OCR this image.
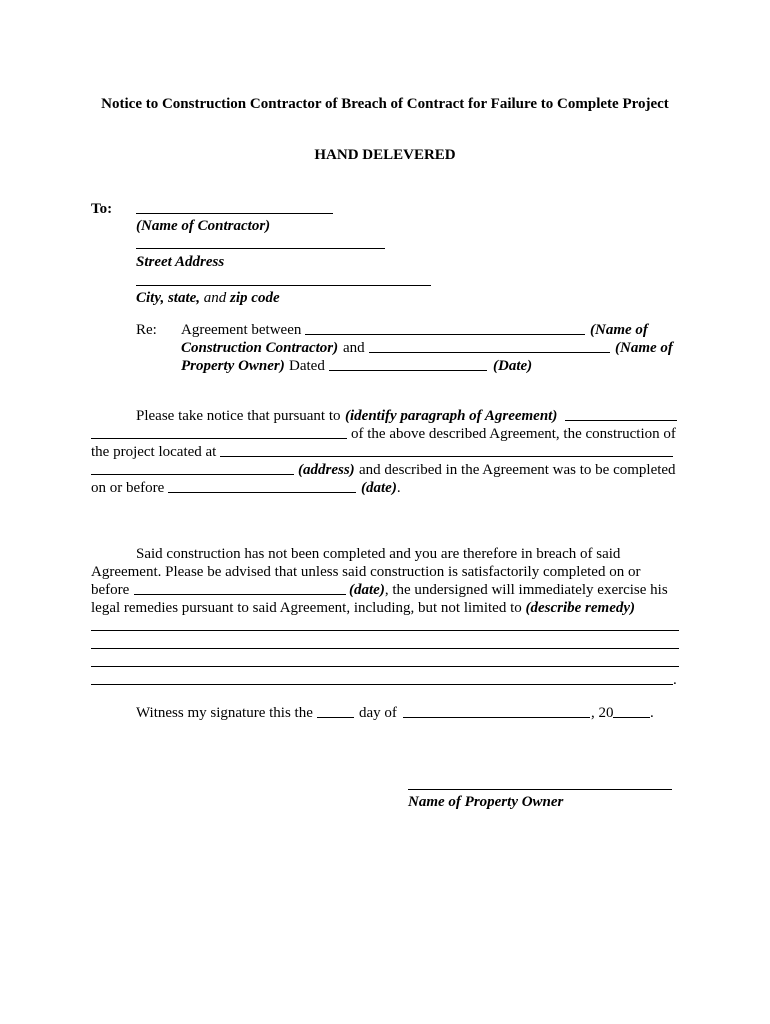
Notice to Construction Contractor of Breach of Contract for Failure to Complete Project
HAND DELEVERED
To:
(Name of Contractor)
Street Address
City, state, and zip code
Re: Agreement between	(Name of
Construction Contractor) and	(Name of
Property Owner) Dated	(Date)
Please take notice that pursuant to (identify paragraph of Agreement)
of the above described Agreement, the construction of
the project located at
(address) and described in the Agreement was to be completed
on or before	(date).
Said construction has not been completed and you are therefore in breach of said
Agreement. Please be advised that unless said construction is satisfactorily completed on or
before	(date), the undersigned will immediately exercise his
legal remedies pursuant to said Agreement, including, but not limited to (describe remedy)
.
Witness my signature this the	day of	, 20 .
Name of Property Owner
